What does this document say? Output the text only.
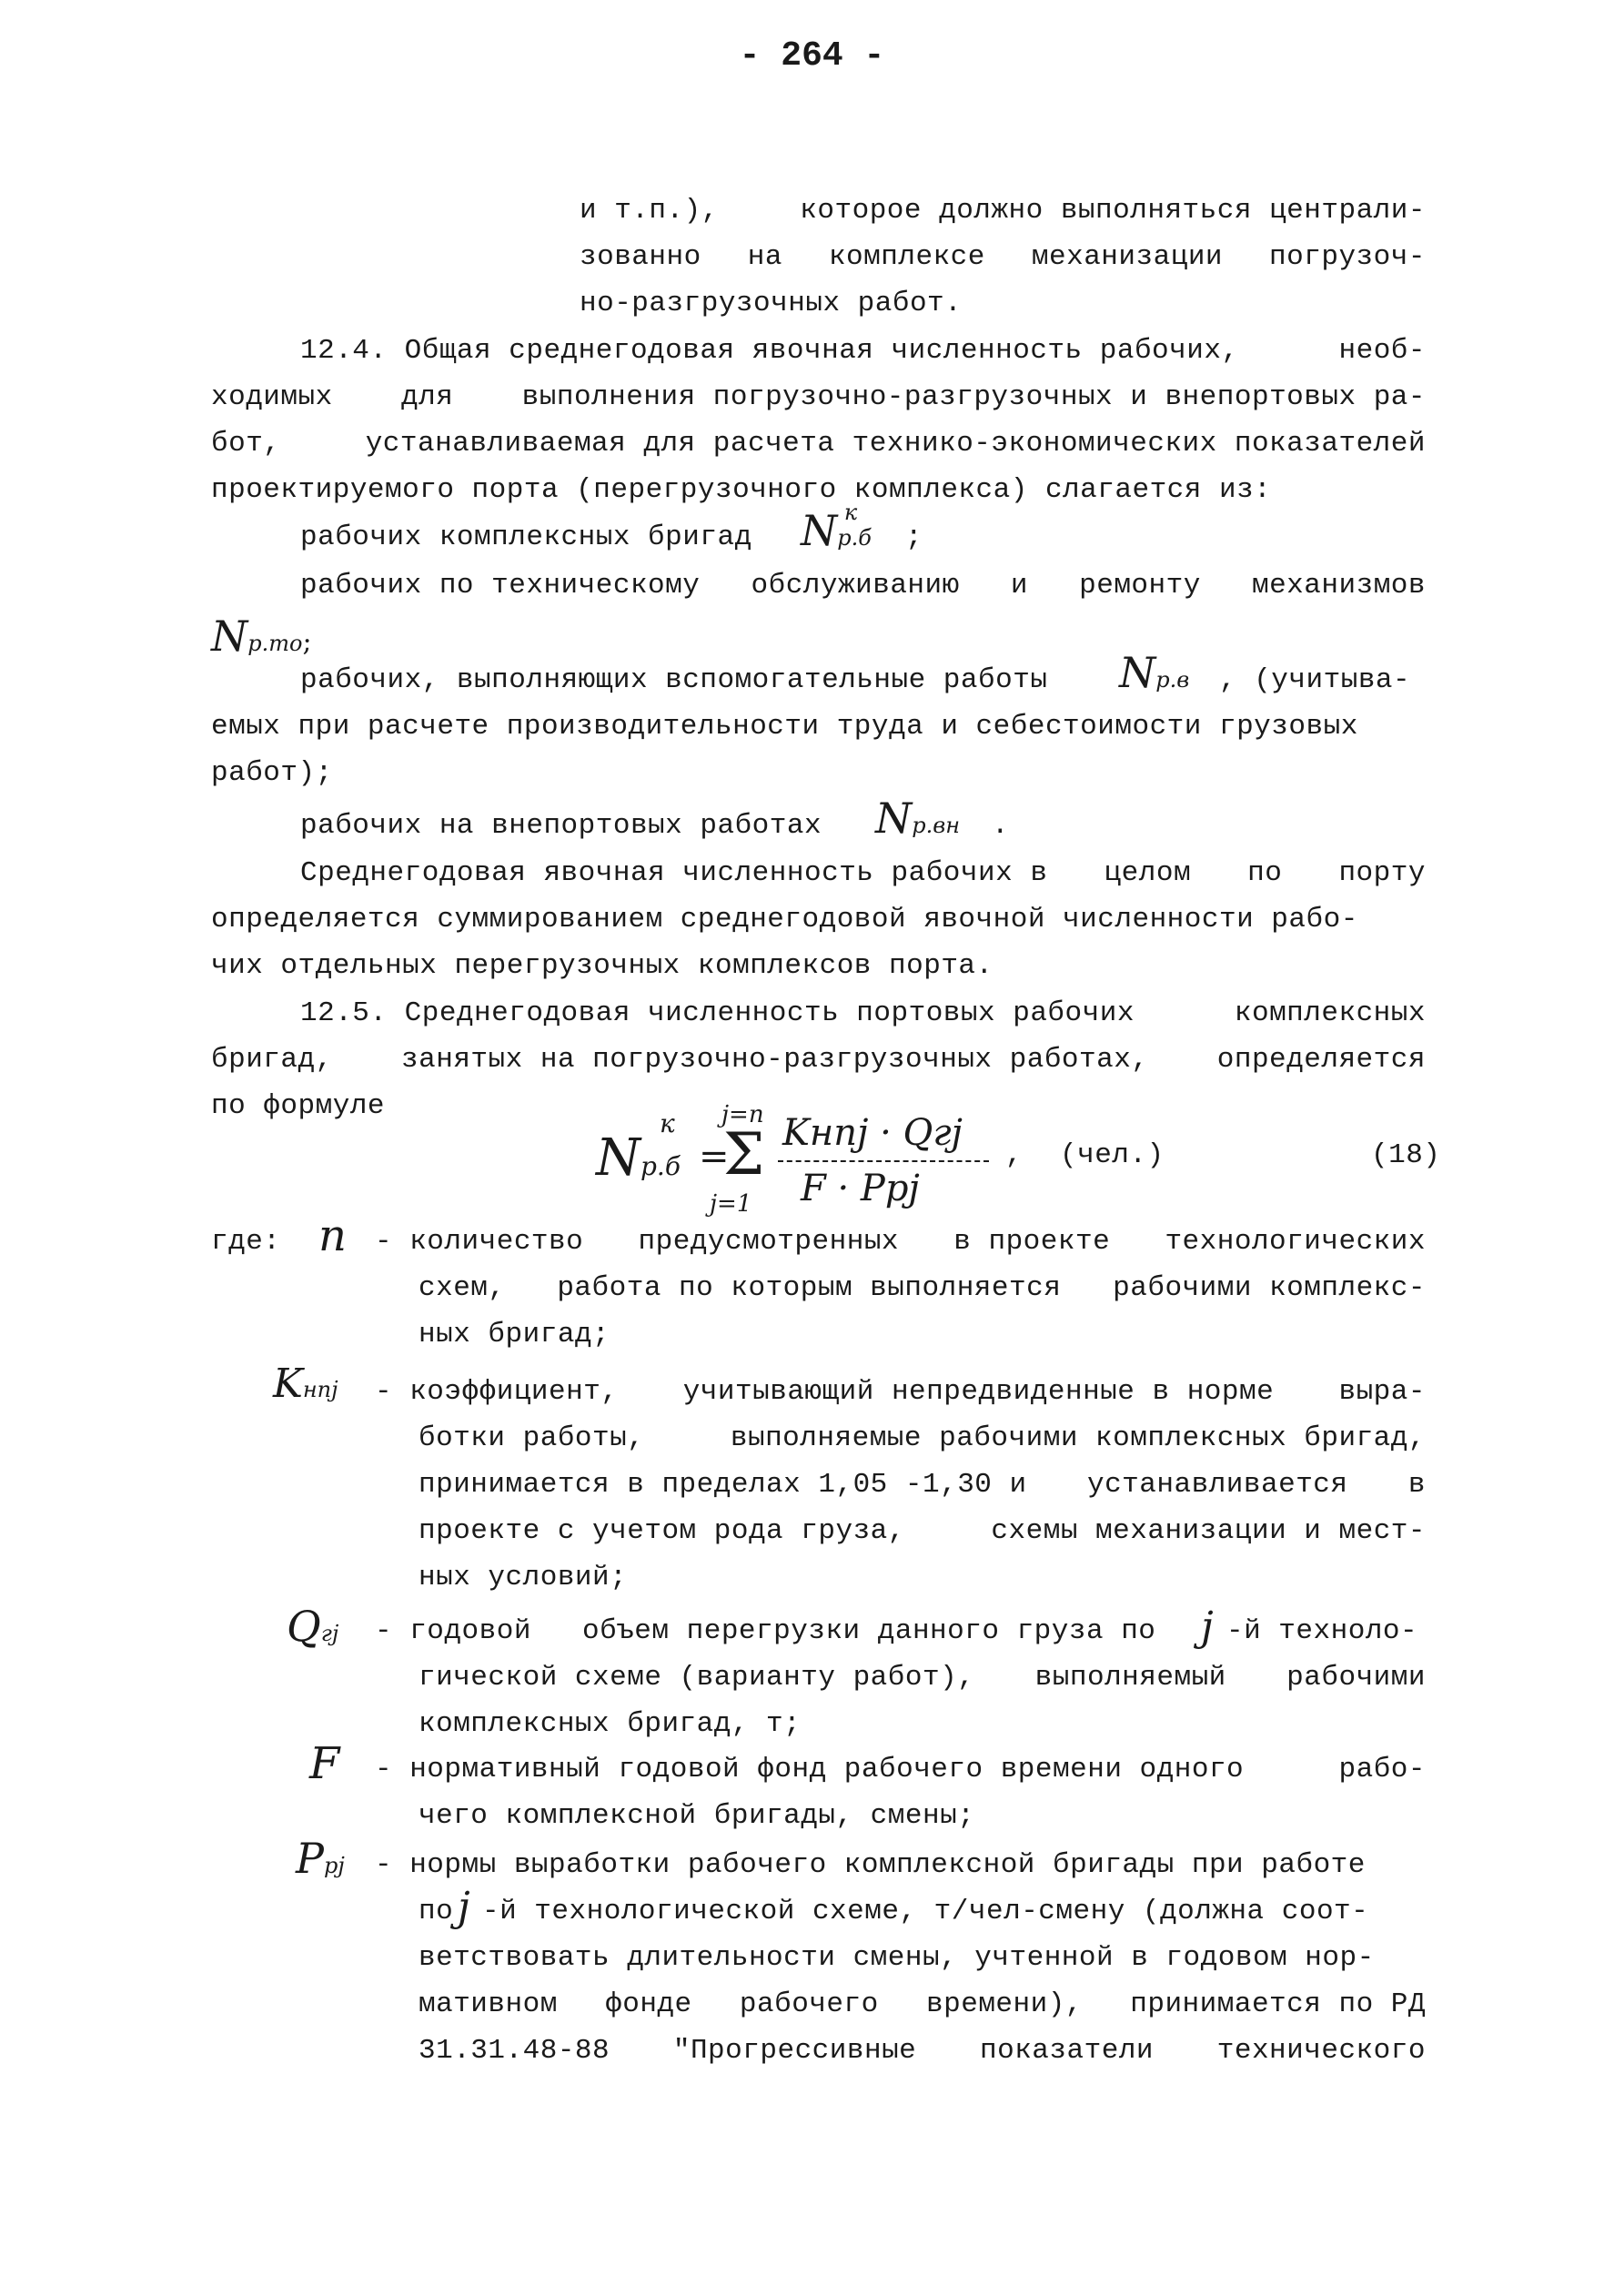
- 264 -
и т.п.),	которое должно выполняться централи-
зованно на комплексе механизации погрузоч-
но-разгрузочных работ.
12.4. Общая среднегодовая явочная численность рабочих,	необ-
ходимых для выполнения погрузочно-разгрузочных и внепортовых ра-
бот,	устанавливаемая для расчета технико-экономических показателей
проектируемого порта (перегрузочного комплекса) слагается из:
рабочих комплексных бригад $Nр.б^к$
;
рабочих по техническому обслуживанию и ремонту механизмов
Nр.то;
рабочих, выполняющих вспомогательные работы Nр.в , (учитыва-
емых при расчете производительности труда и себестоимости грузовых
работ);
рабочих на внепортовых работах Nр.вн .
Среднегодовая явочная численность рабочих в целом по порту
определяется суммированием среднегодовой явочной численности рабо-
чих отдельных перегрузочных комплексов порта.
12.5. Среднегодовая численность портовых рабочих	комплексных
бригад, занятых на погрузочно-разгрузочных работах, определяется
по формуле
Nр.б
к
=
j=n
Σ
j=1
Kнпj · Qгj
F · Pрj
, (чел.)	(18)
где: n - количество предусмотренных в проекте технологических
схем, работа по которым выполняется рабочими комплекс-
ных бригад;
Kнпj - коэффициент, учитывающий непредвиденные в норме выра-
ботки работы,	выполняемые рабочими комплексных бригад,
принимается в пределах 1,05 -1,30 и устанавливается в
проекте с учетом рода груза,	схемы механизации и мест-
ных условий;
Qгj - годовой объем перегрузки данного груза по j -й техноло-
гической схеме (варианту работ), выполняемый рабочими
комплексных бригад, т;
F - нормативный годовой фонд рабочего времени одного	рабо-
чего комплексной бригады, смены;
Pрj - нормы выработки рабочего комплексной бригады при работе
по j -й технологической схеме, т/чел-смену (должна соот-
ветствовать длительности смены, учтенной в годовом нор-
мативном фонде рабочего времени), принимается по РД
31.31.48-88 "Прогрессивные показатели технического
